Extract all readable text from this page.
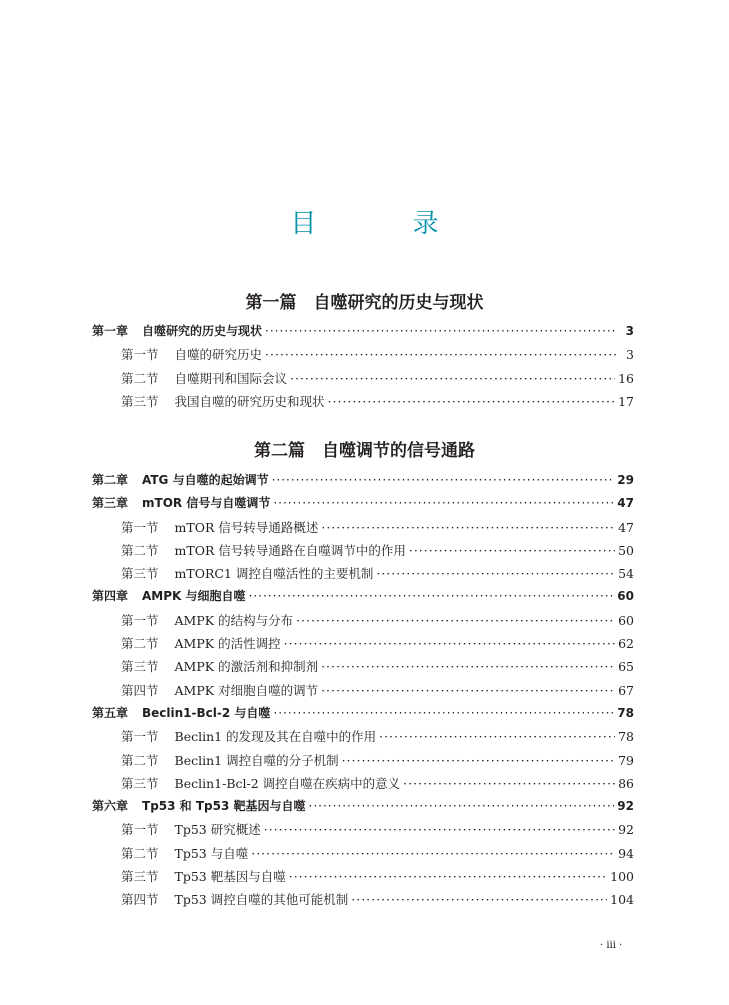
目 录
第一篇　自噬研究的历史与现状
第一章 自噬研究的历史与现状 ·····	3
第一节 自噬的研究历史 ·····	3
第二节 自噬期刊和国际会议 ·····	16
第三节 我国自噬的研究历史和现状 ·····	17
第二篇　自噬调节的信号通路
第二章 ATG 与自噬的起始调节 ·····	29
第三章 mTOR 信号与自噬调节 ·····	47
第一节 mTOR 信号转导通路概述 ·····	47
第二节 mTOR 信号转导通路在自噬调节中的作用 ·····	50
第三节 mTORC1 调控自噬活性的主要机制 ·····	54
第四章 AMPK 与细胞自噬 ·····	60
第一节 AMPK 的结构与分布 ·····	60
第二节 AMPK 的活性调控 ·····	62
第三节 AMPK 的激活剂和抑制剂 ·····	65
第四节 AMPK 对细胞自噬的调节 ·····	67
第五章 Beclin1-Bcl-2 与自噬 ·····	78
第一节 Beclin1 的发现及其在自噬中的作用 ·····	78
第二节 Beclin1 调控自噬的分子机制 ·····	79
第三节 Beclin1-Bcl-2 调控自噬在疾病中的意义 ·····	86
第六章 Tp53 和 Tp53 靶基因与自噬 ·····	92
第一节 Tp53 研究概述 ·····	92
第二节 Tp53 与自噬 ·····	94
第三节 Tp53 靶基因与自噬 ·····	100
第四节 Tp53 调控自噬的其他可能机制 ·····	104
· iii ·
